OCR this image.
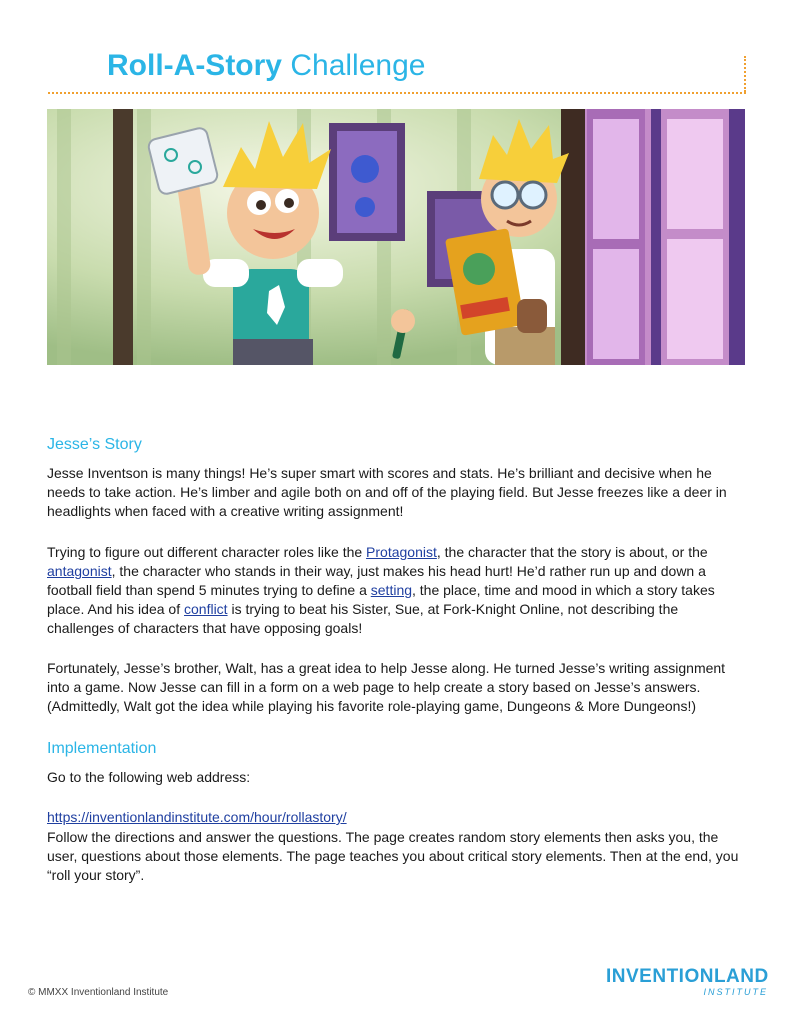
Roll-A-Story Challenge
Jesse’s Story

Jesse Inventson is many things! He’s super smart with scores and stats. He’s brilliant and decisive when he needs to take action. He’s limber and agile both on and off of the playing field. But Jesse freezes like a deer in headlights when faced with a creative writing assignment!

Trying to figure out different character roles like the Protagonist, the character that the story is about, or the antagonist, the character who stands in their way, just makes his head hurt! He’d rather run up and down a football field than spend 5 minutes trying to define a setting, the place, time and mood in which a story takes place. And his idea of conflict is trying to beat his Sister, Sue, at Fork-Knight Online, not describing the challenges of characters that have opposing goals!

Fortunately, Jesse’s brother, Walt, has a great idea to help Jesse along. He turned Jesse’s writing assignment into a game. Now Jesse can fill in a form on a web page to help create a story based on Jesse’s answers. (Admittedly, Walt got the idea while playing his favorite role-playing game, Dungeons & More Dungeons!)

Implementation

Go to the following web address:

https://inventionlandinstitute.com/hour/rollastory/

Follow the directions and answer the questions. The page creates random story elements then asks you, the user, questions about those elements. The page teaches you about critical story elements. Then at the end, you “roll your story”.

© MMXX Inventionland Institute
INVENTIONLAND
INSTITUTE
